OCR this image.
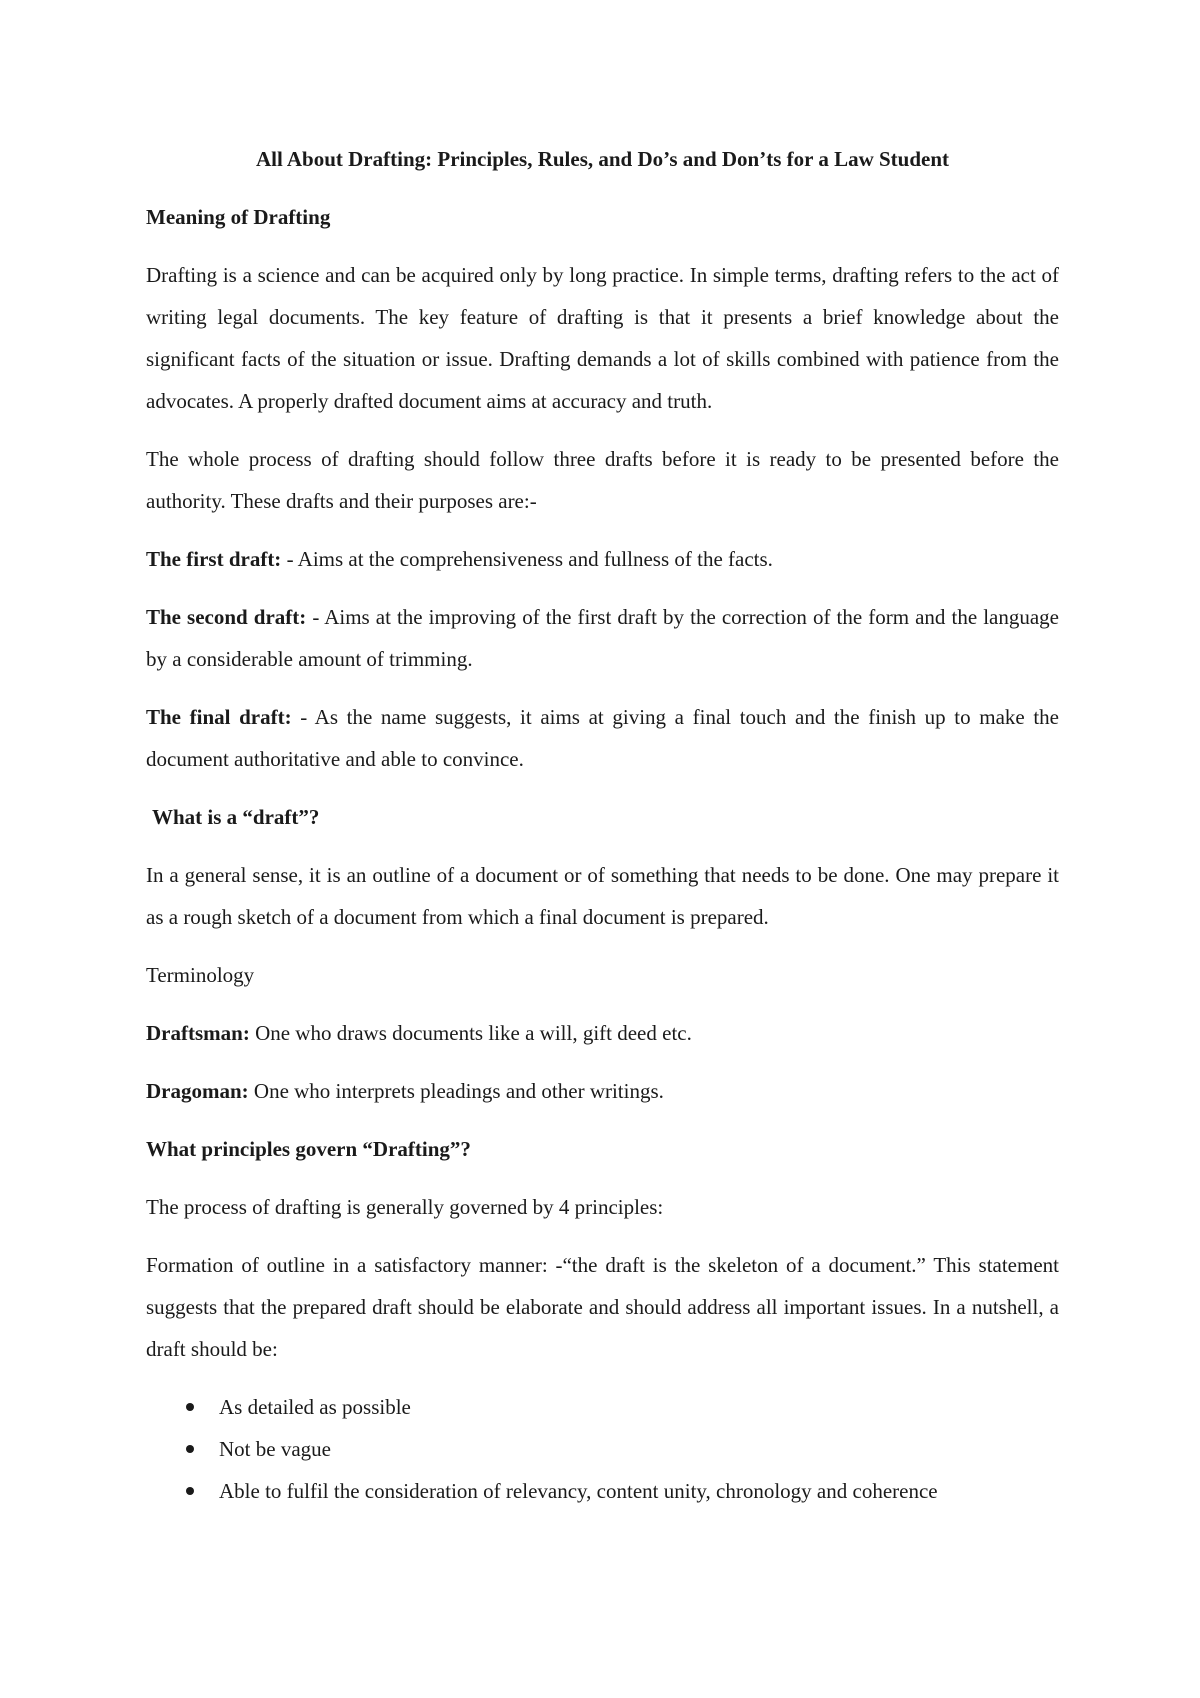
All About Drafting: Principles, Rules, and Do’s and Don’ts for a Law Student
Meaning of Drafting

Drafting is a science and can be acquired only by long practice. In simple terms, drafting refers to the act of writing legal documents. The key feature of drafting is that it presents a brief knowledge about the significant facts of the situation or issue. Drafting demands a lot of skills combined with patience from the advocates. A properly drafted document aims at accuracy and truth.

The whole process of drafting should follow three drafts before it is ready to be presented before the authority. These drafts and their purposes are:-

The first draft: - Aims at the comprehensiveness and fullness of the facts.

The second draft: - Aims at the improving of the first draft by the correction of the form and the language by a considerable amount of trimming.

The final draft: - As the name suggests, it aims at giving a final touch and the finish up to make the document authoritative and able to convince.

What is a “draft”?

In a general sense, it is an outline of a document or of something that needs to be done. One may prepare it as a rough sketch of a document from which a final document is prepared.

Terminology

Draftsman: One who draws documents like a will, gift deed etc.

Dragoman: One who interprets pleadings and other writings.

What principles govern “Drafting”?

The process of drafting is generally governed by 4 principles:

Formation of outline in a satisfactory manner: -“the draft is the skeleton of a document.” This statement suggests that the prepared draft should be elaborate and should address all important issues. In a nutshell, a draft should be:

As detailed as possible
Not be vague
Able to fulfil the consideration of relevancy, content unity, chronology and coherence
